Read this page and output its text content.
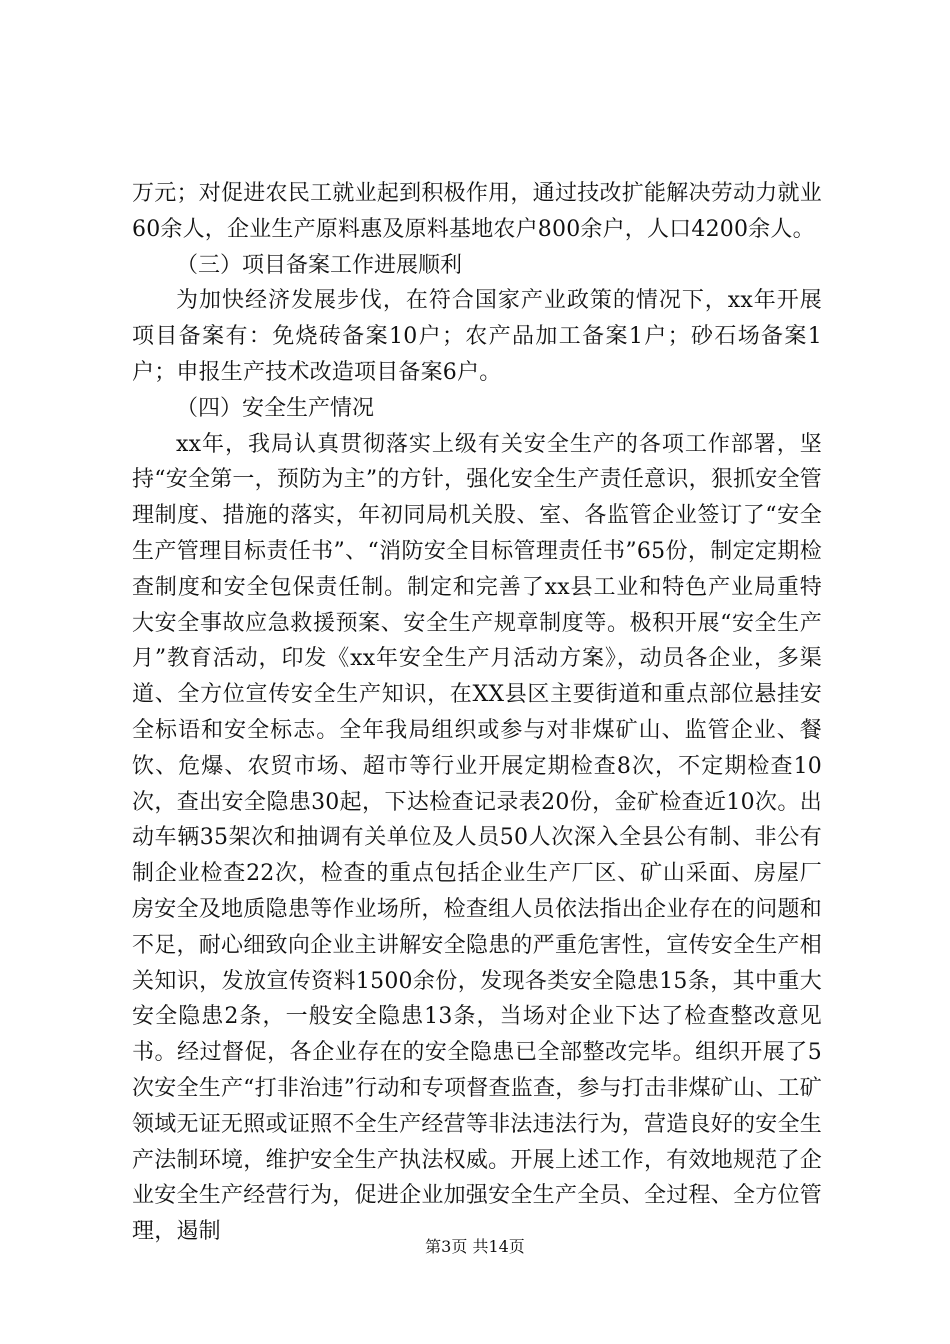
万元；对促进农民工就业起到积极作用，通过技改扩能解决劳动力就业60余人，企业生产原料惠及原料基地农户800余户，人口4200余人。

（三）项目备案工作进展顺利

为加快经济发展步伐，在符合国家产业政策的情况下，xx年开展项目备案有：免烧砖备案10户；农产品加工备案1户；砂石场备案1户；申报生产技术改造项目备案6户。

（四）安全生产情况

xx年，我局认真贯彻落实上级有关安全生产的各项工作部署，坚持“安全第一，预防为主”的方针，强化安全生产责任意识，狠抓安全管理制度、措施的落实，年初同局机关股、室、各监管企业签订了“安全生产管理目标责任书”、“消防安全目标管理责任书”65份，制定定期检查制度和安全包保责任制。制定和完善了xx县工业和特色产业局重特大安全事故应急救援预案、安全生产规章制度等。极积开展“安全生产月”教育活动，印发《xx年安全生产月活动方案》，动员各企业，多渠道、全方位宣传安全生产知识，在XX县区主要街道和重点部位悬挂安全标语和安全标志。全年我局组织或参与对非煤矿山、监管企业、餐饮、危爆、农贸市场、超市等行业开展定期检查8次，不定期检查10次，查出安全隐患30起，下达检查记录表20份，金矿检查近10次。出动车辆35架次和抽调有关单位及人员50人次深入全县公有制、非公有制企业检查22次，检查的重点包括企业生产厂区、矿山采面、房屋厂房安全及地质隐患等作业场所，检查组人员依法指出企业存在的问题和不足，耐心细致向企业主讲解安全隐患的严重危害性，宣传安全生产相关知识，发放宣传资料1500余份，发现各类安全隐患15条，其中重大安全隐患2条，一般安全隐患13条，当场对企业下达了检查整改意见书。经过督促，各企业存在的安全隐患已全部整改完毕。组织开展了5次安全生产“打非治违”行动和专项督查监查，参与打击非煤矿山、工矿领域无证无照或证照不全生产经营等非法违法行为，营造良好的安全生产法制环境，维护安全生产执法权威。开展上述工作，有效地规范了企业安全生产经营行为，促进企业加强安全生产全员、全过程、全方位管理，遏制

第3页 共14页
